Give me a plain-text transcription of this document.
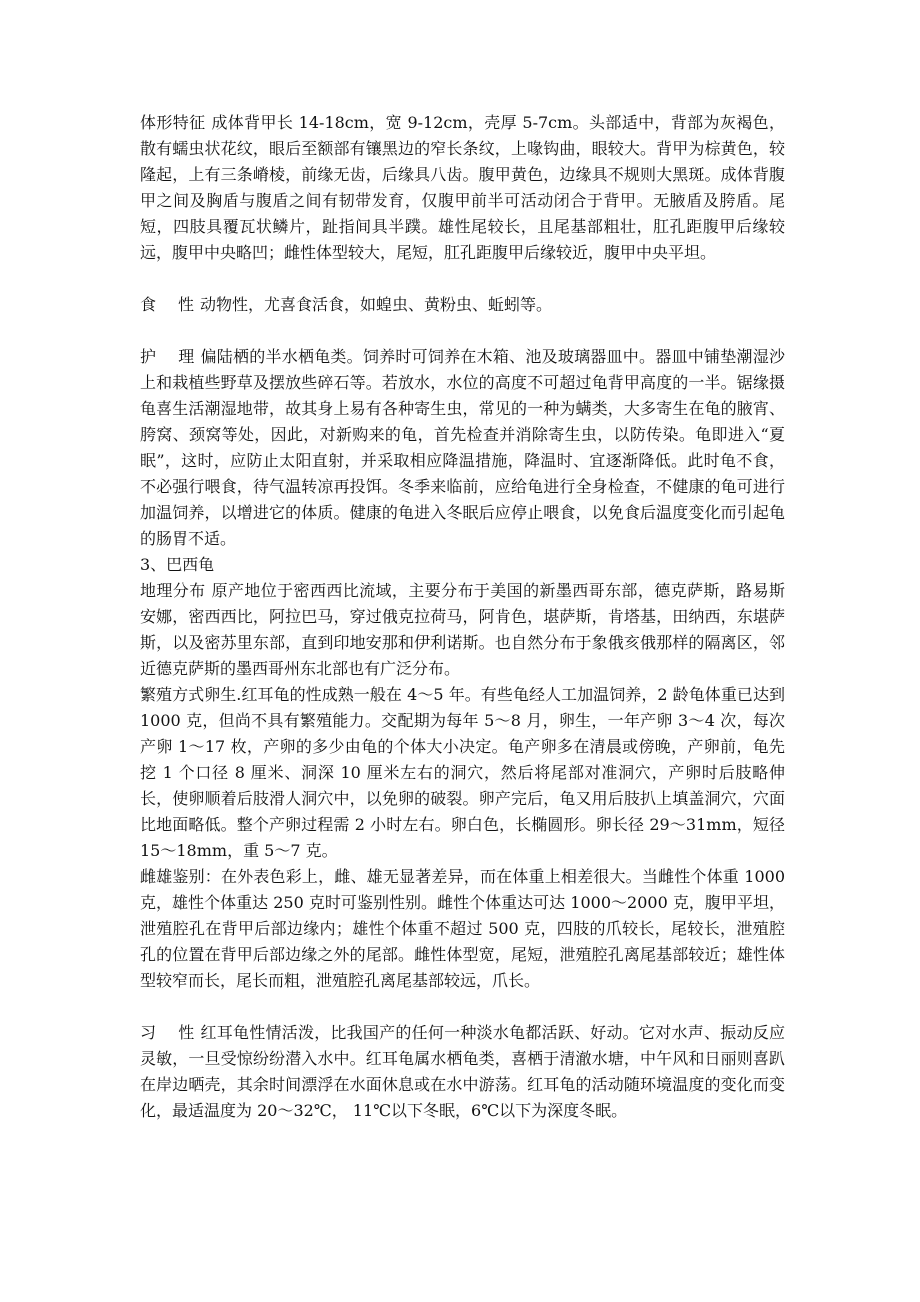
体形特征 成体背甲长 14-18cm，宽 9-12cm，壳厚 5-7cm。头部适中，背部为灰褐色，散有蠕虫状花纹，眼后至额部有镶黑边的窄长条纹，上喙钩曲，眼较大。背甲为棕黄色，较隆起，上有三条嵴棱，前缘无齿，后缘具八齿。腹甲黄色，边缘具不规则大黑斑。成体背腹甲之间及胸盾与腹盾之间有韧带发育，仅腹甲前半可活动闭合于背甲。无腋盾及胯盾。尾短，四肢具覆瓦状鳞片，趾指间具半蹼。雄性尾较长，且尾基部粗壮，肛孔距腹甲后缘较远，腹甲中央略凹；雌性体型较大，尾短，肛孔距腹甲后缘较近，腹甲中央平坦。

食性 动物性，尤喜食活食，如蝗虫、黄粉虫、蚯蚓等。

护理 偏陆栖的半水栖龟类。饲养时可饲养在木箱、池及玻璃器皿中。器皿中铺垫潮湿沙上和栽植些野草及摆放些碎石等。若放水，水位的高度不可超过龟背甲高度的一半。锯缘摄龟喜生活潮湿地带，故其身上易有各种寄生虫，常见的一种为螨类，大多寄生在龟的腋宵、胯窝、颈窝等处，因此，对新购来的龟，首先检查并消除寄生虫，以防传染。龟即进入“夏眠”，这时，应防止太阳直射，并采取相应降温措施，降温时、宜逐渐降低。此时龟不食，不必强行喂食，待气温转凉再投饵。冬季来临前，应给龟进行全身检查，不健康的龟可进行加温饲养，以增进它的体质。健康的龟进入冬眠后应停止喂食，以免食后温度变化而引起龟的肠胃不适。

3、巴西龟

地理分布 原产地位于密西西比流域，主要分布于美国的新墨西哥东部，德克萨斯，路易斯安娜，密西西比，阿拉巴马，穿过俄克拉荷马，阿肯色，堪萨斯，肯塔基，田纳西，东堪萨斯，以及密苏里东部，直到印地安那和伊利诺斯。也自然分布于象俄亥俄那样的隔离区，邻近德克萨斯的墨西哥州东北部也有广泛分布。

繁殖方式卵生.红耳龟的性成熟一般在 4～5 年。有些龟经人工加温饲养，2 龄龟体重已达到 1000 克，但尚不具有繁殖能力。交配期为每年 5～8 月，卵生，一年产卵 3～4 次，每次产卵 1～17 枚，产卵的多少由龟的个体大小决定。龟产卵多在清晨或傍晚，产卵前，龟先挖 1 个口径 8 厘米、洞深 10 厘米左右的洞穴，然后将尾部对准洞穴，产卵时后肢略伸长，使卵顺着后肢滑人洞穴中，以免卵的破裂。卵产完后，龟又用后肢扒上填盖洞穴，穴面比地面略低。整个产卵过程需 2 小时左右。卵白色，长椭圆形。卵长径 29～31mm，短径 15～18mm，重 5～7 克。

雌雄鉴别：在外表色彩上，雌、雄无显著差异，而在体重上相差很大。当雌性个体重 1000 克，雄性个体重达 250 克时可鉴别性别。雌性个体重达可达 1000～2000 克，腹甲平坦，泄殖腔孔在背甲后部边缘内；雄性个体重不超过 500 克，四肢的爪较长，尾较长，泄殖腔孔的位置在背甲后部边缘之外的尾部。雌性体型宽，尾短，泄殖腔孔离尾基部较近；雄性体型较窄而长，尾长而粗，泄殖腔孔离尾基部较远，爪长。

习性 红耳龟性情活泼，比我国产的任何一种淡水龟都活跃、好动。它对水声、振动反应灵敏，一旦受惊纷纷潜入水中。红耳龟属水栖龟类，喜栖于清澈水塘，中午风和日丽则喜趴在岸边晒壳，其余时间漂浮在水面休息或在水中游荡。红耳龟的活动随环境温度的变化而变化，最适温度为 20～32℃， 11℃以下冬眠，6℃以下为深度冬眠。
